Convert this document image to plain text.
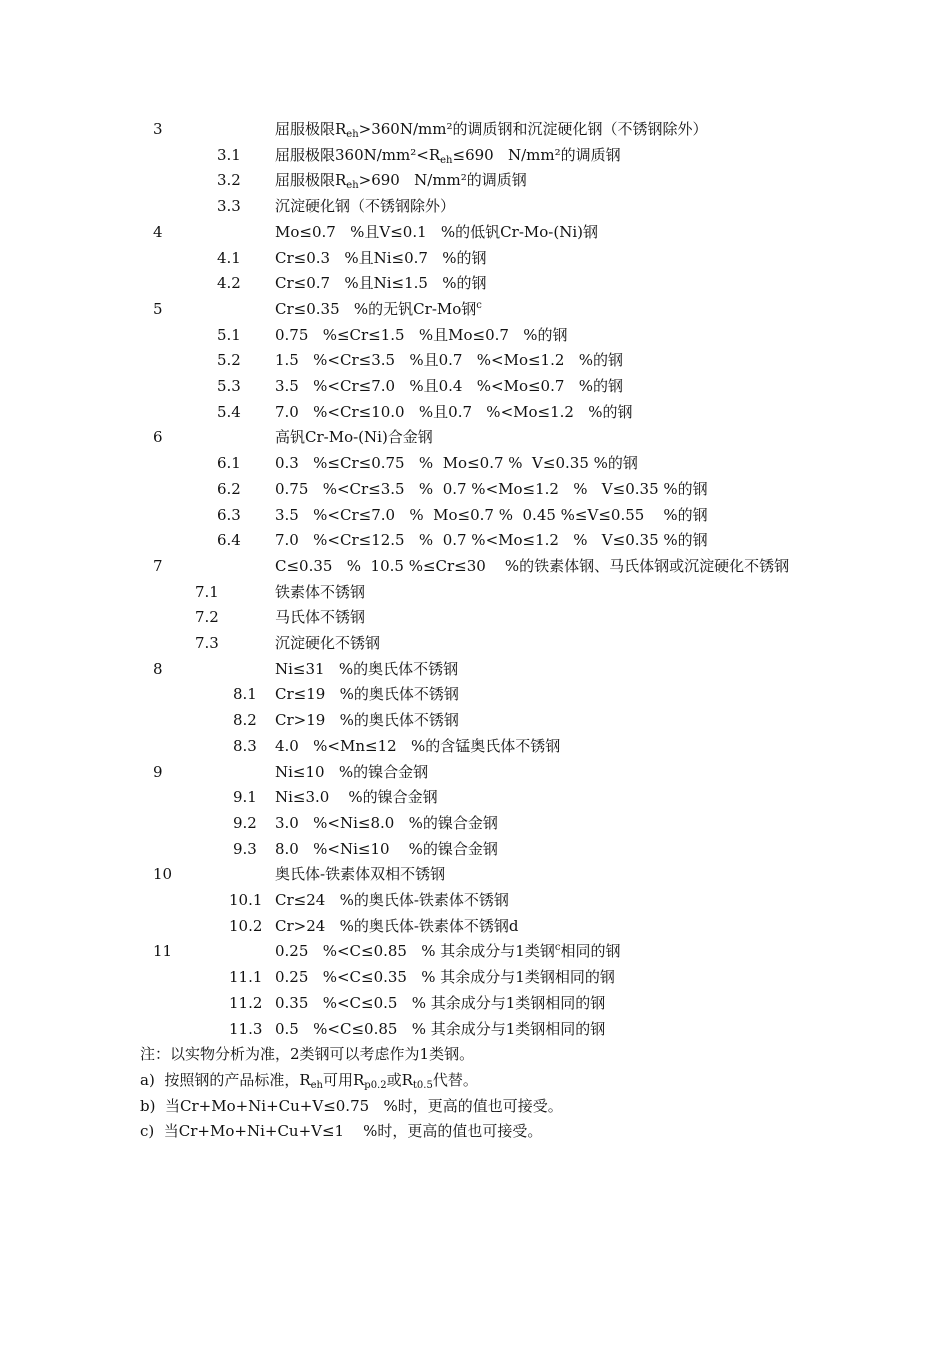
3	屈服极限$R_{eh}>360N$/mm²的调质钢和沉淀硬化钢（不锈钢除外）
3.1 屈服极限$360N/mm^2<R_{eh}\le 690$   N/mm²的调质钢
3.2 屈服极限$R_{eh}>690$   N/mm²的调质钢
3.3 沉淀硬化钢（不锈钢除外）
4	Mo≤0.7   %且V≤0.1   %的低钒Cr-Mo-(Ni)钢
4.1 Cr≤0.3   %且Ni≤0.7   %的钢
4.2 Cr≤0.7   %且Ni≤1.5   %的钢
5	Cr≤0.35   %的无钒Cr-Mo钢$^c$
5.1 0.75   %≤Cr≤1.5   %且Mo≤0.7   %的钢
5.2 1.5   %<Cr≤3.5   %且0.7   %<Mo≤1.2   %的钢
5.3 3.5   %<Cr≤7.0   %且0.4   %<Mo≤0.7   %的钢
5.4 7.0   %<Cr≤10.0   %且0.7   %<Mo≤1.2   %的钢
6	高钒Cr-Mo-(Ni)合金钢
6.1 0.3   %≤Cr≤0.75   %  Mo≤0.7 %  V≤0.35 %的钢
6.2 0.75   %<Cr≤3.5   %  0.7 %<Mo≤1.2   %   V≤0.35 %的钢
6.3 3.5   %<Cr≤7.0   %  Mo≤0.7 %  0.45 %≤V≤0.55    %的钢
6.4 7.0   %<Cr≤12.5   %  0.7 %<Mo≤1.2   %   V≤0.35 %的钢
7	C≤0.35   %  10.5 %≤Cr≤30    %的铁素体钢、马氏体钢或沉淀硬化不锈钢
7.1	铁素体不锈钢
7.2	马氏体不锈钢
7.3	沉淀硬化不锈钢
8	Ni≤31   %的奥氏体不锈钢
8.1 Cr≤19   %的奥氏体不锈钢
8.2 Cr>19   %的奥氏体不锈钢
8.3 4.0   %<Mn≤12   %的含锰奥氏体不锈钢
9	Ni≤10   %的镍合金钢
9.1 Ni≤3.0    %的镍合金钢
9.2 3.0   %<Ni≤8.0   %的镍合金钢
9.3 8.0   %<Ni≤10    %的镍合金钢
10	奥氏体-铁素体双相不锈钢
10.1 Cr≤24   %的奥氏体-铁素体不锈钢
10.2 Cr>24   %的奥氏体-铁素体不锈钢d
11	0.25   %<C≤0.85   % 其余成分与1类钢$^c$相同的钢
11.1 0.25   %<C≤0.35   % 其余成分与1类钢相同的钢
11.2 0.35   %<C≤0.5   % 其余成分与1类钢相同的钢
11.3 0.5   %<C≤0.85   % 其余成分与1类钢相同的钢
注：以实物分析为准，2类钢可以考虑作为1类钢。
a)  按照钢的产品标准，$R_{eh}$可用$R_{p0.2}$或$R_{t0.5}$代替。
b)  当Cr+Mo+Ni+Cu+V≤0.75   %时，更高的值也可接受。
c)  当Cr+Mo+Ni+Cu+V≤1    %时，更高的值也可接受。
